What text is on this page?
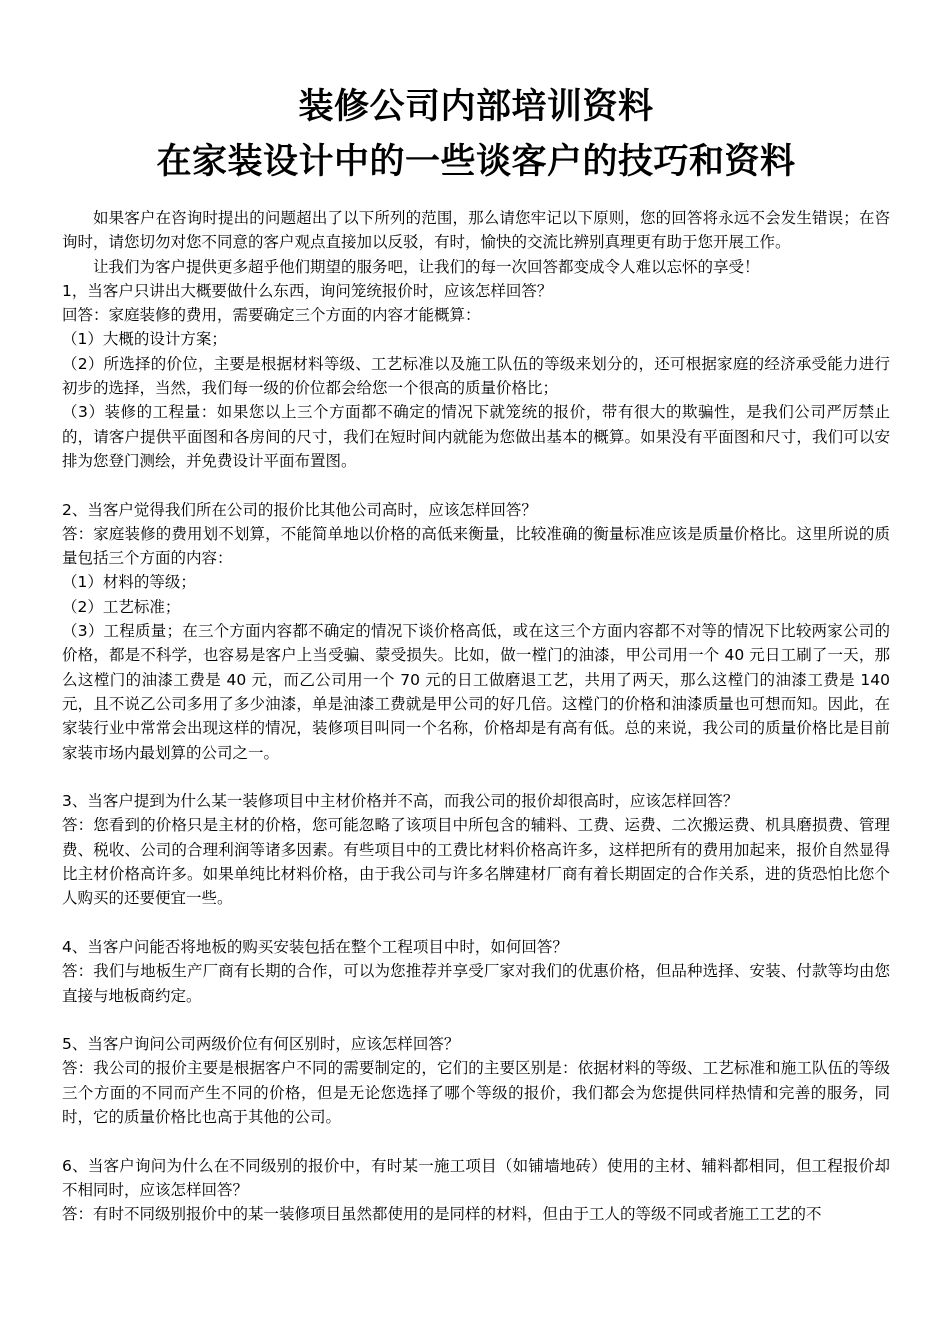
装修公司内部培训资料
在家装设计中的一些谈客户的技巧和资料

如果客户在咨询时提出的问题超出了以下所列的范围，那么请您牢记以下原则，您的回答将永远不会发生错误；在咨询时，请您切勿对您不同意的客户观点直接加以反驳，有时，愉快的交流比辨别真理更有助于您开展工作。

让我们为客户提供更多超乎他们期望的服务吧，让我们的每一次回答都变成令人难以忘怀的享受！

1，当客户只讲出大概要做什么东西，询问笼统报价时，应该怎样回答？

回答：家庭装修的费用，需要确定三个方面的内容才能概算：

（1）大概的设计方案；

（2）所选择的价位，主要是根据材料等级、工艺标准以及施工队伍的等级来划分的，还可根据家庭的经济承受能力进行初步的选择，当然，我们每一级的价位都会给您一个很高的质量价格比；

（3）装修的工程量：如果您以上三个方面都不确定的情况下就笼统的报价，带有很大的欺骗性，是我们公司严厉禁止的，请客户提供平面图和各房间的尺寸，我们在短时间内就能为您做出基本的概算。如果没有平面图和尺寸，我们可以安排为您登门测绘，并免费设计平面布置图。

2、当客户觉得我们所在公司的报价比其他公司高时，应该怎样回答？

答：家庭装修的费用划不划算，不能简单地以价格的高低来衡量，比较准确的衡量标准应该是质量价格比。这里所说的质量包括三个方面的内容：

（1）材料的等级；

（2）工艺标准；

（3）工程质量；在三个方面内容都不确定的情况下谈价格高低，或在这三个方面内容都不对等的情况下比较两家公司的价格，都是不科学，也容易是客户上当受骗、蒙受损失。比如，做一樘门的油漆，甲公司用一个 40 元日工刷了一天，那么这樘门的油漆工费是 40 元，而乙公司用一个 70 元的日工做磨退工艺，共用了两天，那么这樘门的油漆工费是 140 元，且不说乙公司多用了多少油漆，单是油漆工费就是甲公司的好几倍。这樘门的价格和油漆质量也可想而知。因此，在家装行业中常常会出现这样的情况，装修项目叫同一个名称，价格却是有高有低。总的来说，我公司的质量价格比是目前家装市场内最划算的公司之一。

3、当客户提到为什么某一装修项目中主材价格并不高，而我公司的报价却很高时，应该怎样回答？

答：您看到的价格只是主材的价格，您可能忽略了该项目中所包含的辅料、工费、运费、二次搬运费、机具磨损费、管理费、税收、公司的合理利润等诸多因素。有些项目中的工费比材料价格高许多，这样把所有的费用加起来，报价自然显得比主材价格高许多。如果单纯比材料价格，由于我公司与许多名牌建材厂商有着长期固定的合作关系，进的货恐怕比您个人购买的还要便宜一些。

4、当客户问能否将地板的购买安装包括在整个工程项目中时，如何回答？

答：我们与地板生产厂商有长期的合作，可以为您推荐并享受厂家对我们的优惠价格，但品种选择、安装、付款等均由您直接与地板商约定。

5、当客户询问公司两级价位有何区别时，应该怎样回答？

答：我公司的报价主要是根据客户不同的需要制定的，它们的主要区别是：依据材料的等级、工艺标准和施工队伍的等级三个方面的不同而产生不同的价格，但是无论您选择了哪个等级的报价，我们都会为您提供同样热情和完善的服务，同时，它的质量价格比也高于其他的公司。

6、当客户询问为什么在不同级别的报价中，有时某一施工项目（如铺墙地砖）使用的主材、辅料都相同，但工程报价却不相同时，应该怎样回答？

答：有时不同级别报价中的某一装修项目虽然都使用的是同样的材料，但由于工人的等级不同或者施工工艺的不
